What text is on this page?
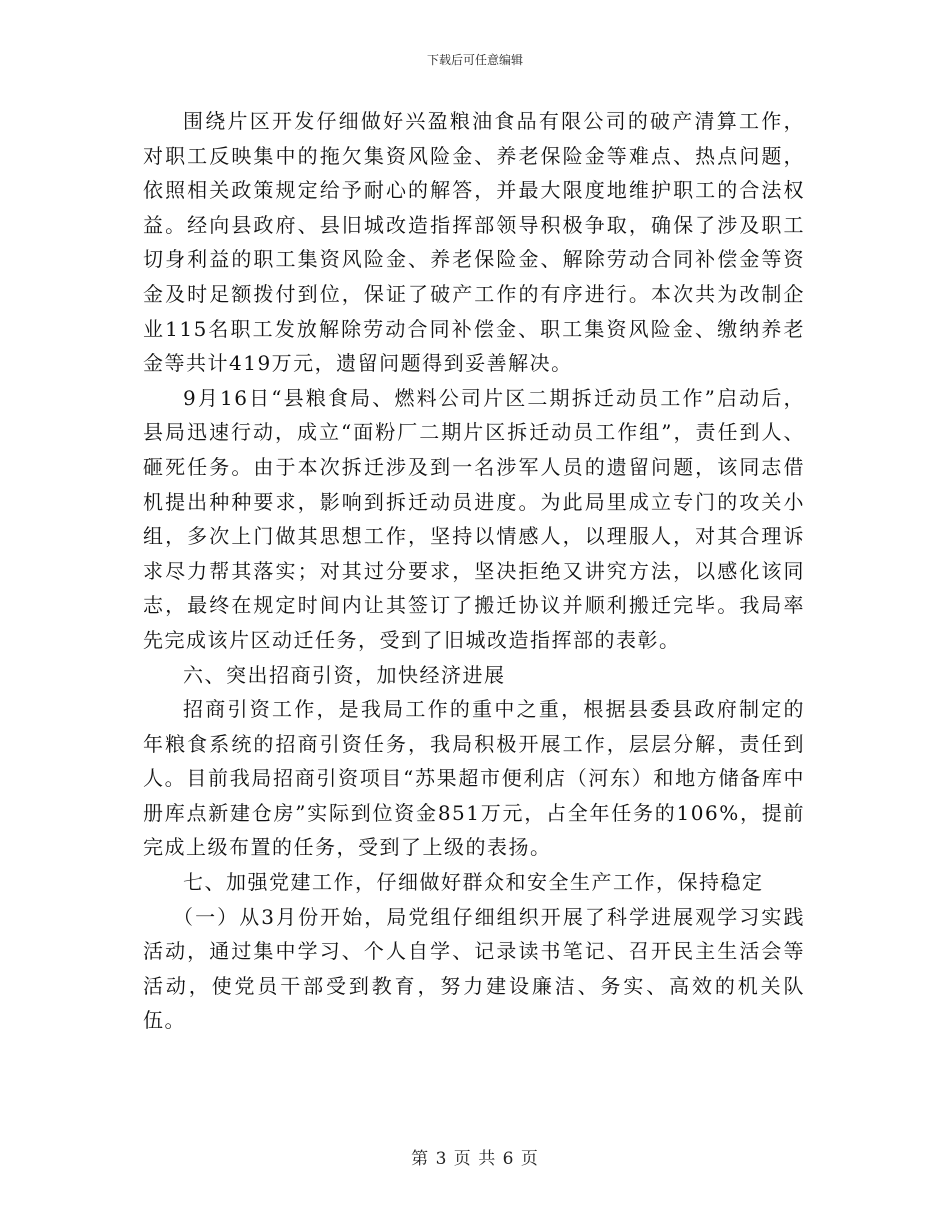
下载后可任意编辑

围绕片区开发仔细做好兴盈粮油食品有限公司的破产清算工作，对职工反映集中的拖欠集资风险金、养老保险金等难点、热点问题，依照相关政策规定给予耐心的解答，并最大限度地维护职工的合法权益。经向县政府、县旧城改造指挥部领导积极争取，确保了涉及职工切身利益的职工集资风险金、养老保险金、解除劳动合同补偿金等资金及时足额拨付到位，保证了破产工作的有序进行。本次共为改制企业115名职工发放解除劳动合同补偿金、职工集资风险金、缴纳养老金等共计419万元，遗留问题得到妥善解决。

9月16日“县粮食局、燃料公司片区二期拆迁动员工作”启动后，县局迅速行动，成立“面粉厂二期片区拆迁动员工作组”，责任到人、砸死任务。由于本次拆迁涉及到一名涉军人员的遗留问题，该同志借机提出种种要求，影响到拆迁动员进度。为此局里成立专门的攻关小组，多次上门做其思想工作，坚持以情感人，以理服人，对其合理诉求尽力帮其落实；对其过分要求，坚决拒绝又讲究方法，以感化该同志，最终在规定时间内让其签订了搬迁协议并顺利搬迁完毕。我局率先完成该片区动迁任务，受到了旧城改造指挥部的表彰。

六、突出招商引资，加快经济进展

招商引资工作，是我局工作的重中之重，根据县委县政府制定的年粮食系统的招商引资任务，我局积极开展工作，层层分解，责任到人。目前我局招商引资项目“苏果超市便利店（河东）和地方储备库中册库点新建仓房”实际到位资金851万元，占全年任务的106%，提前完成上级布置的任务，受到了上级的表扬。

七、加强党建工作，仔细做好群众和安全生产工作，保持稳定

（一）从3月份开始，局党组仔细组织开展了科学进展观学习实践活动，通过集中学习、个人自学、记录读书笔记、召开民主生活会等活动，使党员干部受到教育，努力建设廉洁、务实、高效的机关队伍。

第 3 页 共 6 页
